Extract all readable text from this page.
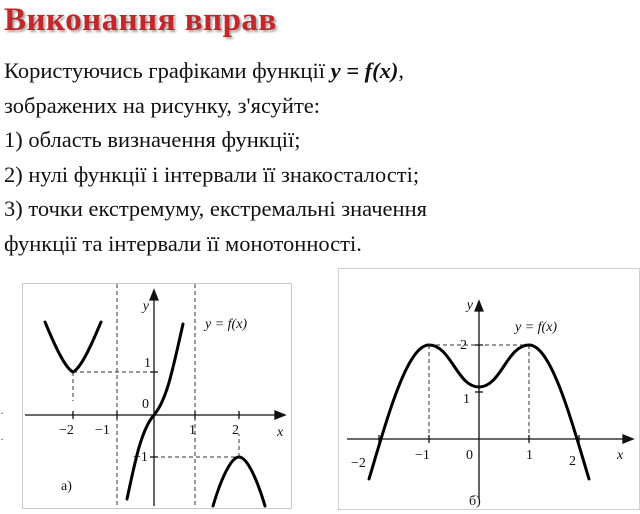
Виконання вправ
Користуючись графіками функції y = f(x),
зображених на рисунку, з'ясуйте:
1) область визначення функції;
2) нулі функції і інтервали її знакосталості;
3) точки екстремуму, екстремальні значення
функції та інтервали її монотонності.
·
·
y
x
y = f(x)
0
−2 −1	1	2
1
−1
а)
y
x
y = f(x)
0
−2
−1	1	2
2
1
б)
